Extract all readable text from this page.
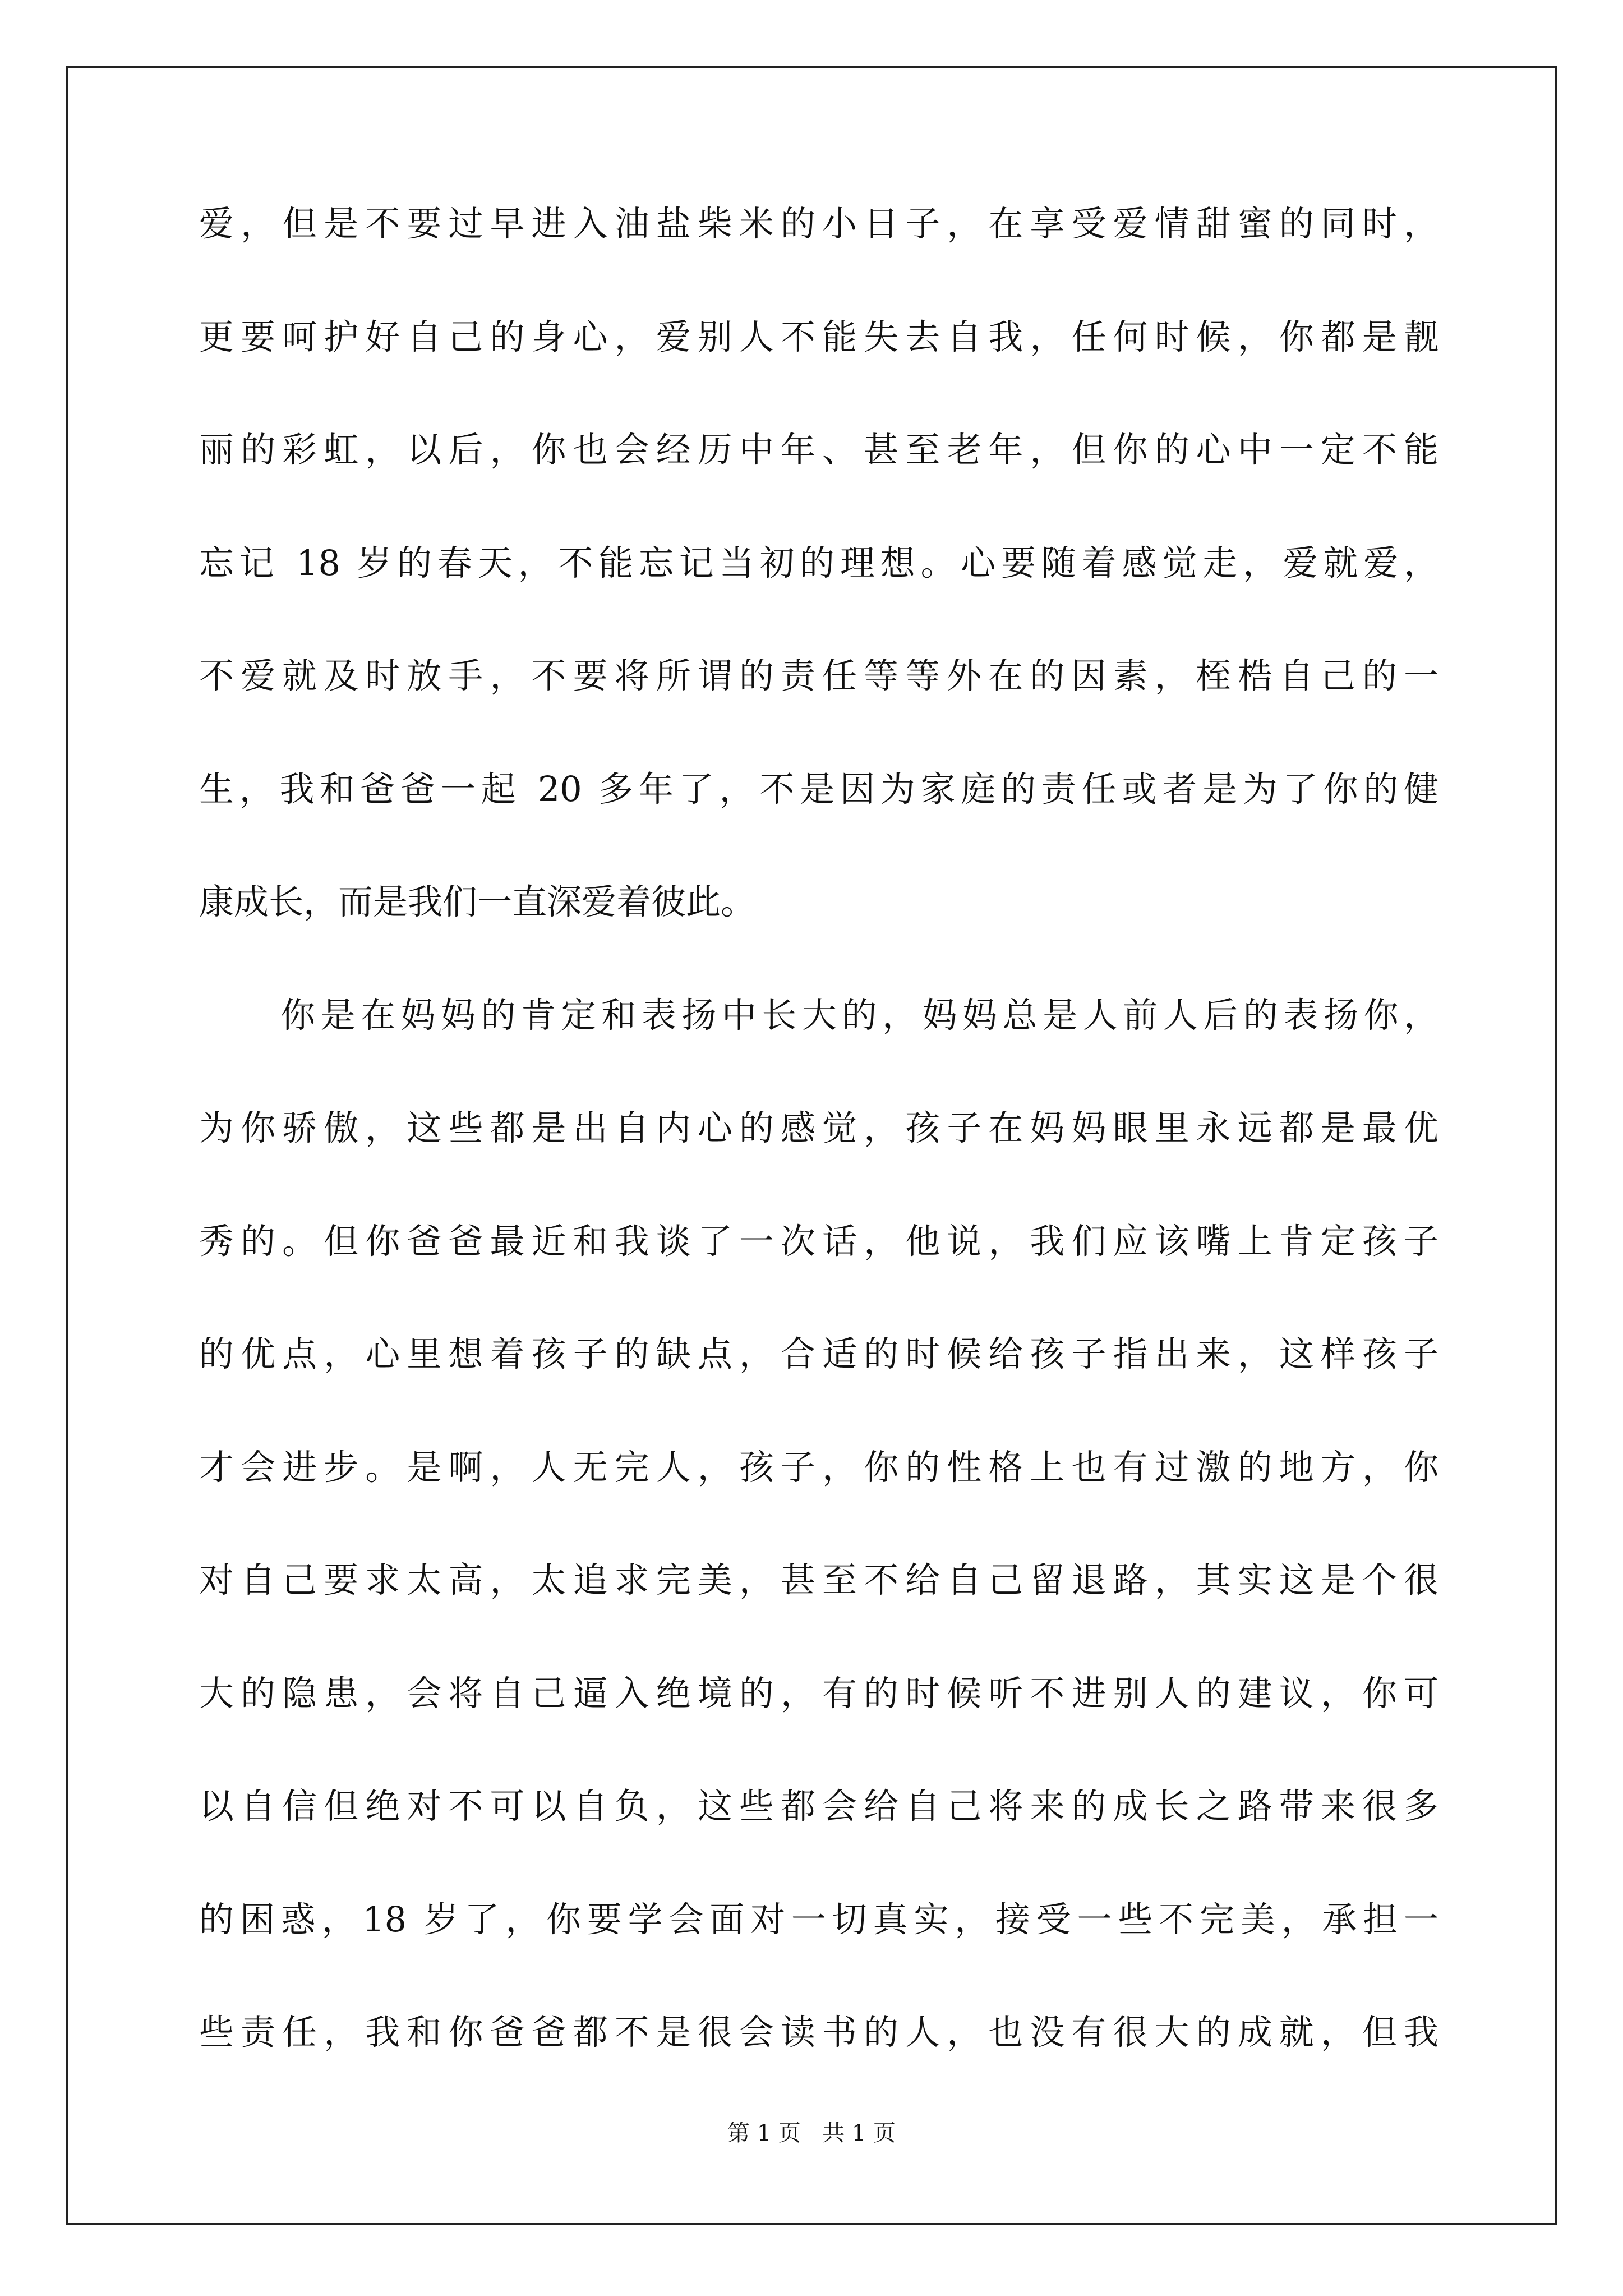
爱，但是不要过早进入油盐柴米的小日子，在享受爱情甜蜜的同时，
更要呵护好自己的身心，爱别人不能失去自我，任何时候，你都是靓
丽的彩虹，以后，你也会经历中年、甚至老年，但你的心中一定不能
忘记 18 岁的春天，不能忘记当初的理想。心要随着感觉走，爱就爱，
不爱就及时放手，不要将所谓的责任等等外在的因素，桎梏自己的一
生，我和爸爸一起 20 多年了，不是因为家庭的责任或者是为了你的健
康成长，而是我们一直深爱着彼此。
你是在妈妈的肯定和表扬中长大的，妈妈总是人前人后的表扬你，
为你骄傲，这些都是出自内心的感觉，孩子在妈妈眼里永远都是最优
秀的。但你爸爸最近和我谈了一次话，他说，我们应该嘴上肯定孩子
的优点，心里想着孩子的缺点，合适的时候给孩子指出来，这样孩子
才会进步。是啊，人无完人，孩子，你的性格上也有过激的地方，你
对自己要求太高，太追求完美，甚至不给自己留退路，其实这是个很
大的隐患，会将自己逼入绝境的，有的时候听不进别人的建议，你可
以自信但绝对不可以自负，这些都会给自己将来的成长之路带来很多
的困惑，18 岁了，你要学会面对一切真实，接受一些不完美，承担一
些责任，我和你爸爸都不是很会读书的人，也没有很大的成就，但我
第 1 页 共 1 页
